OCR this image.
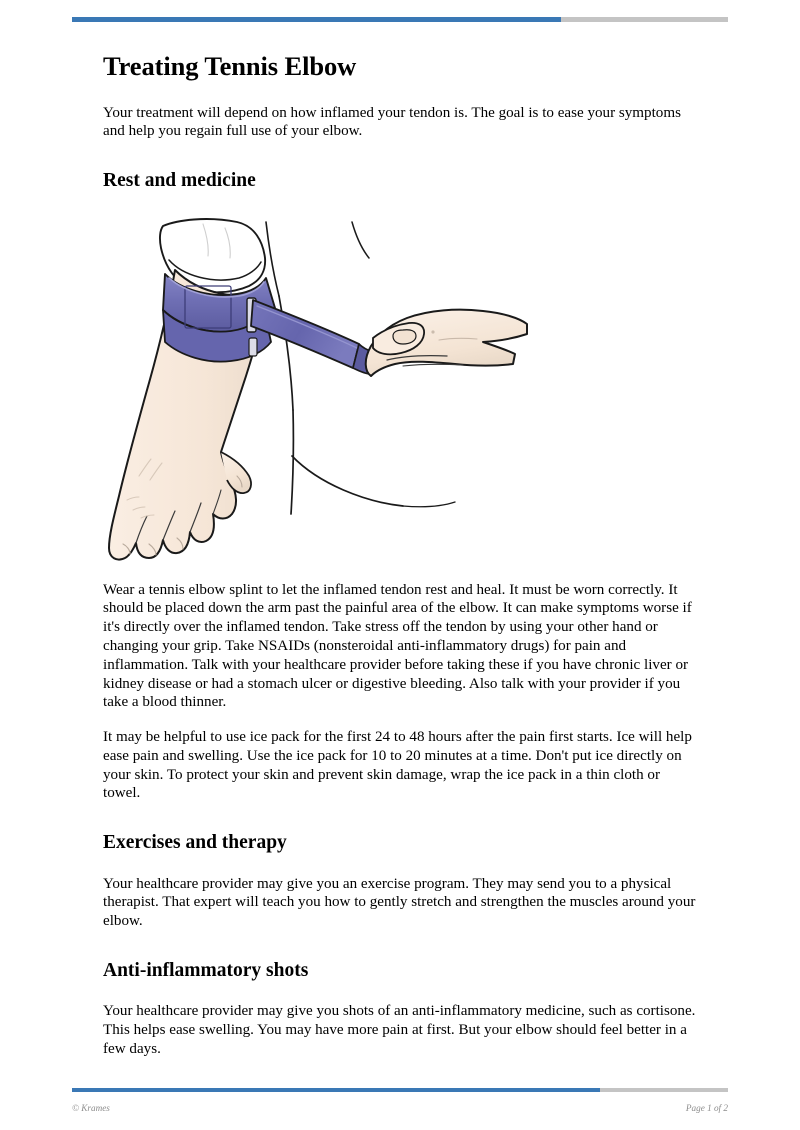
Treating Tennis Elbow

Your treatment will depend on how inflamed your tendon is. The goal is to ease your symptoms and help you regain full use of your elbow.

Rest and medicine

Wear a tennis elbow splint to let the inflamed tendon rest and heal. It must be worn correctly. It should be placed down the arm past the painful area of the elbow. It can make symptoms worse if it's directly over the inflamed tendon. Take stress off the tendon by using your other hand or changing your grip. Take NSAIDs (nonsteroidal anti-inflammatory drugs) for pain and inflammation. Talk with your healthcare provider before taking these if you have chronic liver or kidney disease or had a stomach ulcer or digestive bleeding. Also talk with your provider if you take a blood thinner.

It may be helpful to use ice pack for the first 24 to 48 hours after the pain first starts. Ice will help ease pain and swelling. Use the ice pack for 10 to 20 minutes at a time. Don't put ice directly on your skin. To protect your skin and prevent skin damage, wrap the ice pack in a thin cloth or towel.

Exercises and therapy

Your healthcare provider may give you an exercise program. They may send you to a physical therapist. That expert will teach you how to gently stretch and strengthen the muscles around your elbow.

Anti-inflammatory shots

Your healthcare provider may give you shots of an anti-inflammatory medicine, such as cortisone. This helps ease swelling. You may have more pain at first. But your elbow should feel better in a few days.

© Krames	Page 1 of 2
